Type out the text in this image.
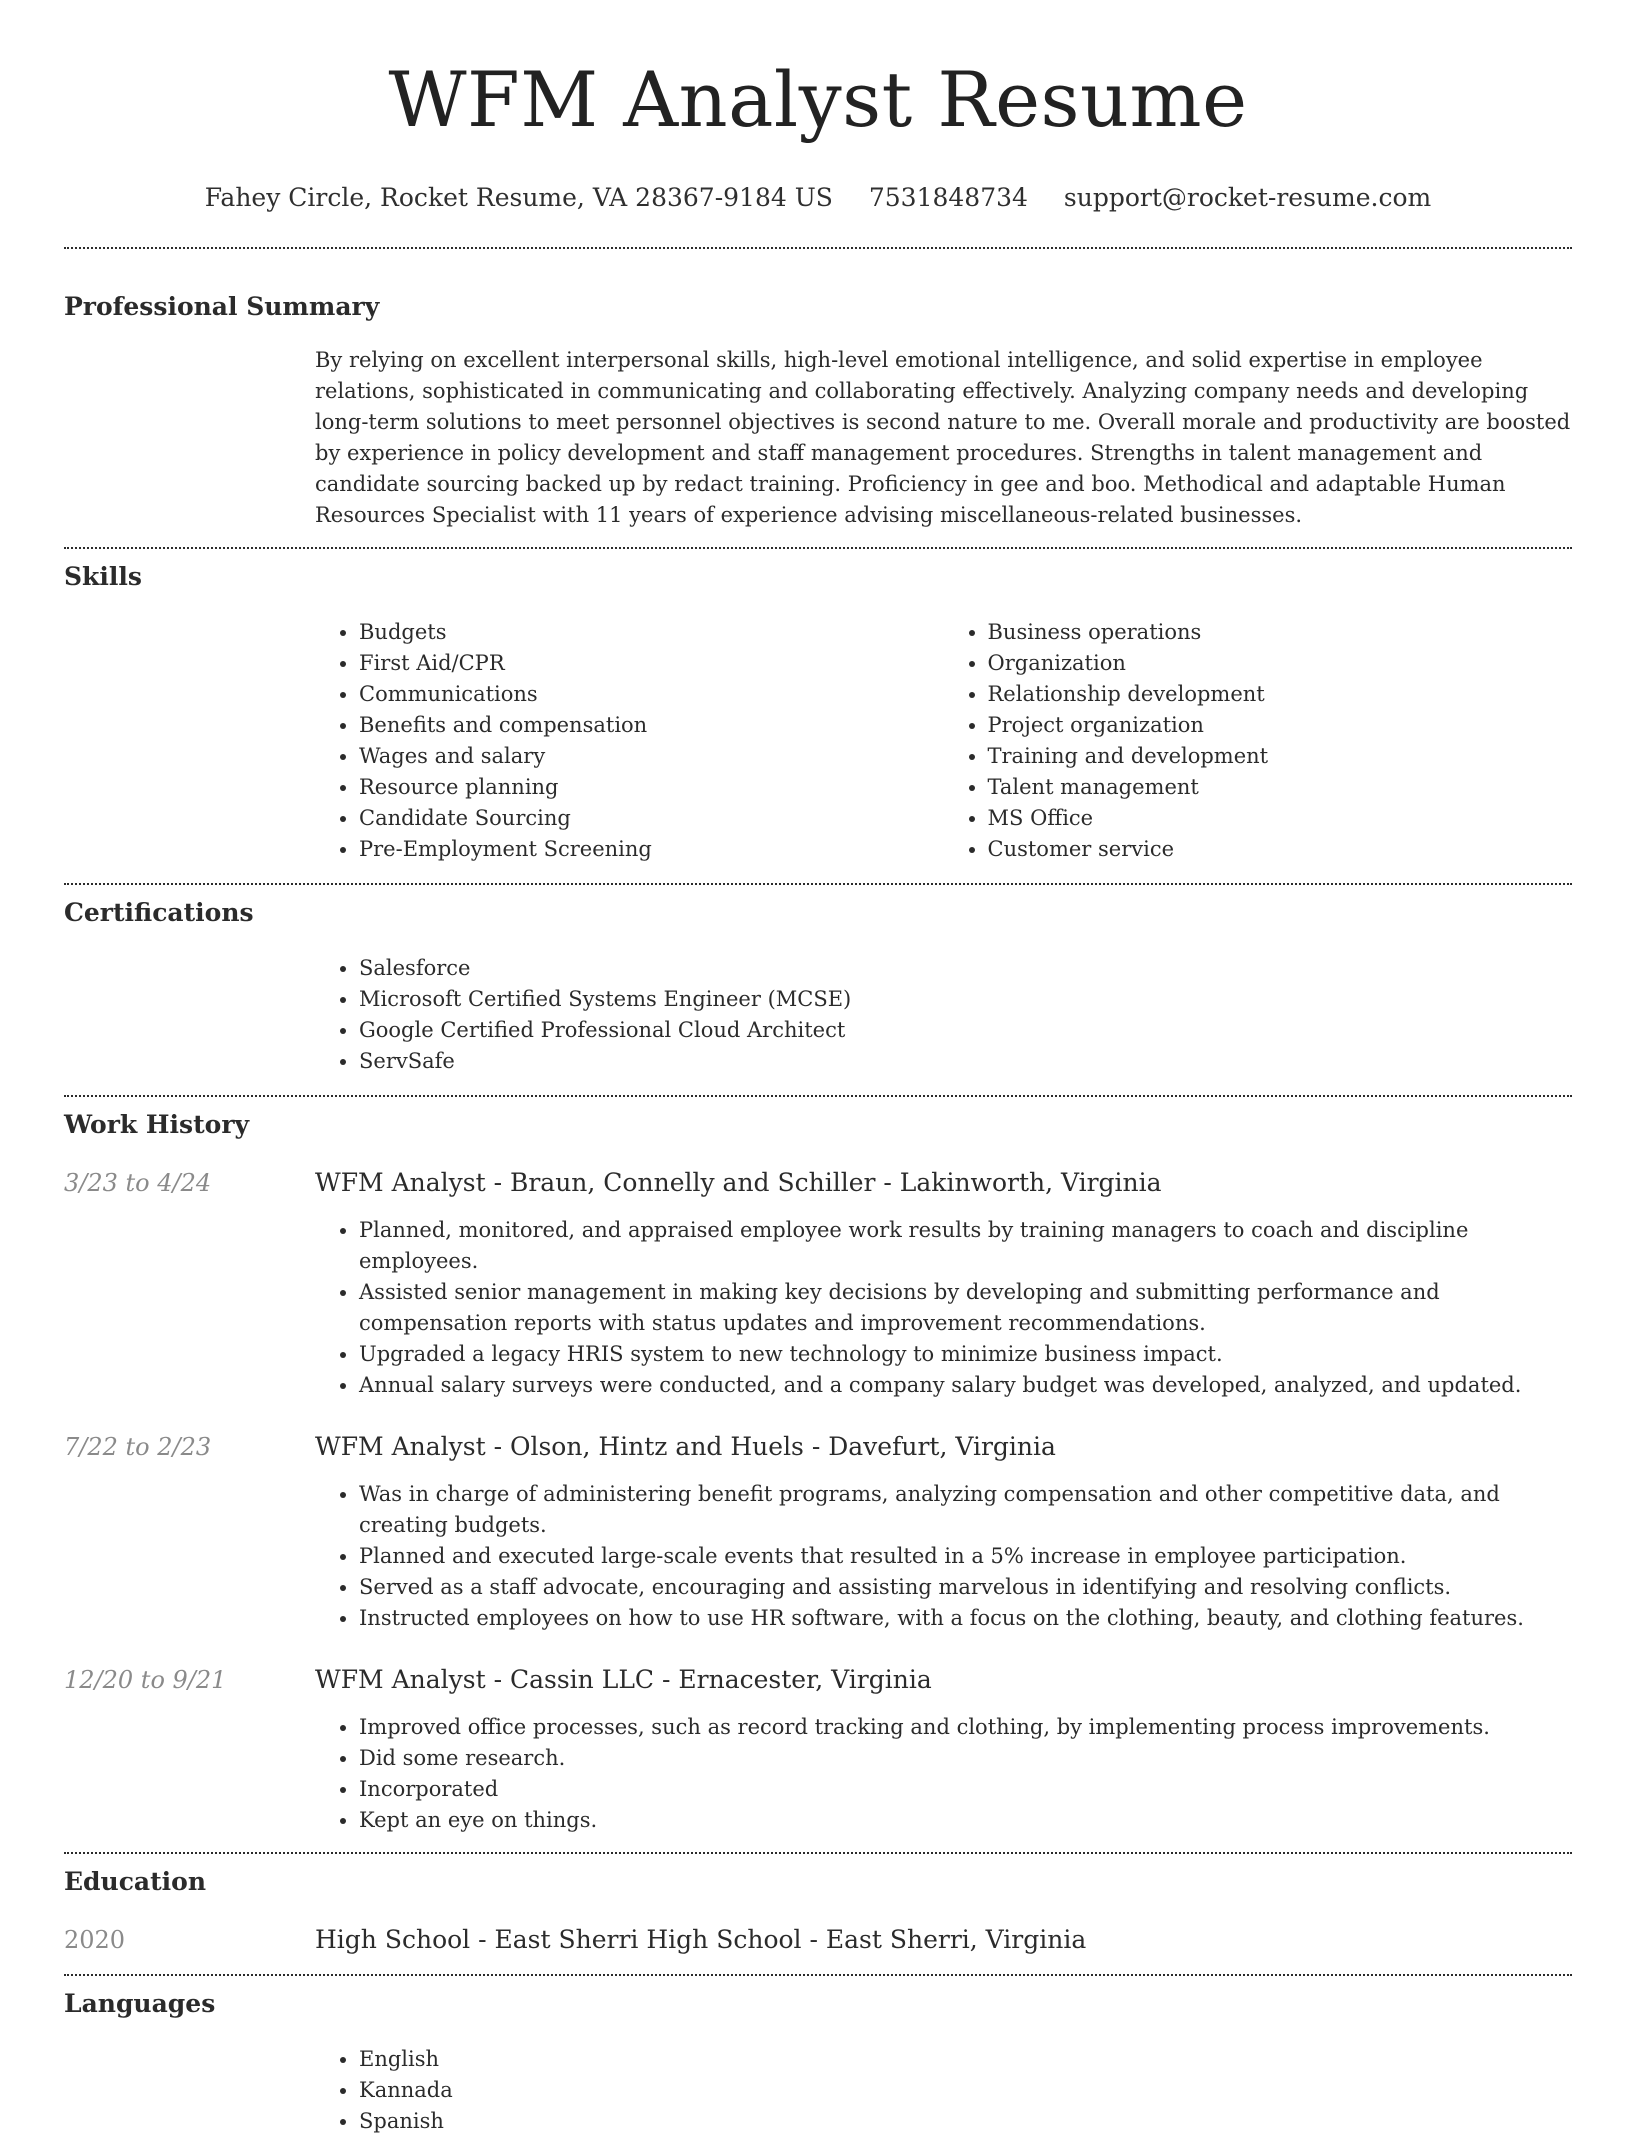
WFM Analyst Resume
Fahey Circle, Rocket Resume, VA 28367-9184 US 7531848734 support@rocket-resume.com
Professional Summary
By relying on excellent interpersonal skills, high-level emotional intelligence, and solid expertise in employee relations, sophisticated in communicating and collaborating effectively. Analyzing company needs and developing long-term solutions to meet personnel objectives is second nature to me. Overall morale and productivity are boosted by experience in policy development and staff management procedures. Strengths in talent management and candidate sourcing backed up by redact training. Proficiency in gee and boo. Methodical and adaptable Human Resources Specialist with 11 years of experience advising miscellaneous-related businesses.
Skills
• Budgets
• First Aid/CPR
• Communications
• Benefits and compensation
• Wages and salary
• Resource planning
• Candidate Sourcing
• Pre-Employment Screening
• Business operations
• Organization
• Relationship development
• Project organization
• Training and development
• Talent management
• MS Office
• Customer service
Certifications
• Salesforce
• Microsoft Certified Systems Engineer (MCSE)
• Google Certified Professional Cloud Architect
• ServSafe
Work History
3/23 to 4/24	WFM Analyst - Braun, Connelly and Schiller - Lakinworth, Virginia
• Planned, monitored, and appraised employee work results by training managers to coach and discipline employees.
• Assisted senior management in making key decisions by developing and submitting performance and compensation reports with status updates and improvement recommendations.
• Upgraded a legacy HRIS system to new technology to minimize business impact.
• Annual salary surveys were conducted, and a company salary budget was developed, analyzed, and updated.
7/22 to 2/23	WFM Analyst - Olson, Hintz and Huels - Davefurt, Virginia
• Was in charge of administering benefit programs, analyzing compensation and other competitive data, and creating budgets.
• Planned and executed large-scale events that resulted in a 5% increase in employee participation.
• Served as a staff advocate, encouraging and assisting marvelous in identifying and resolving conflicts.
• Instructed employees on how to use HR software, with a focus on the clothing, beauty, and clothing features.
12/20 to 9/21	WFM Analyst - Cassin LLC - Ernacester, Virginia
• Improved office processes, such as record tracking and clothing, by implementing process improvements.
• Did some research.
• Incorporated
• Kept an eye on things.
Education
2020	High School - East Sherri High School - East Sherri, Virginia
Languages
• English
• Kannada
• Spanish
